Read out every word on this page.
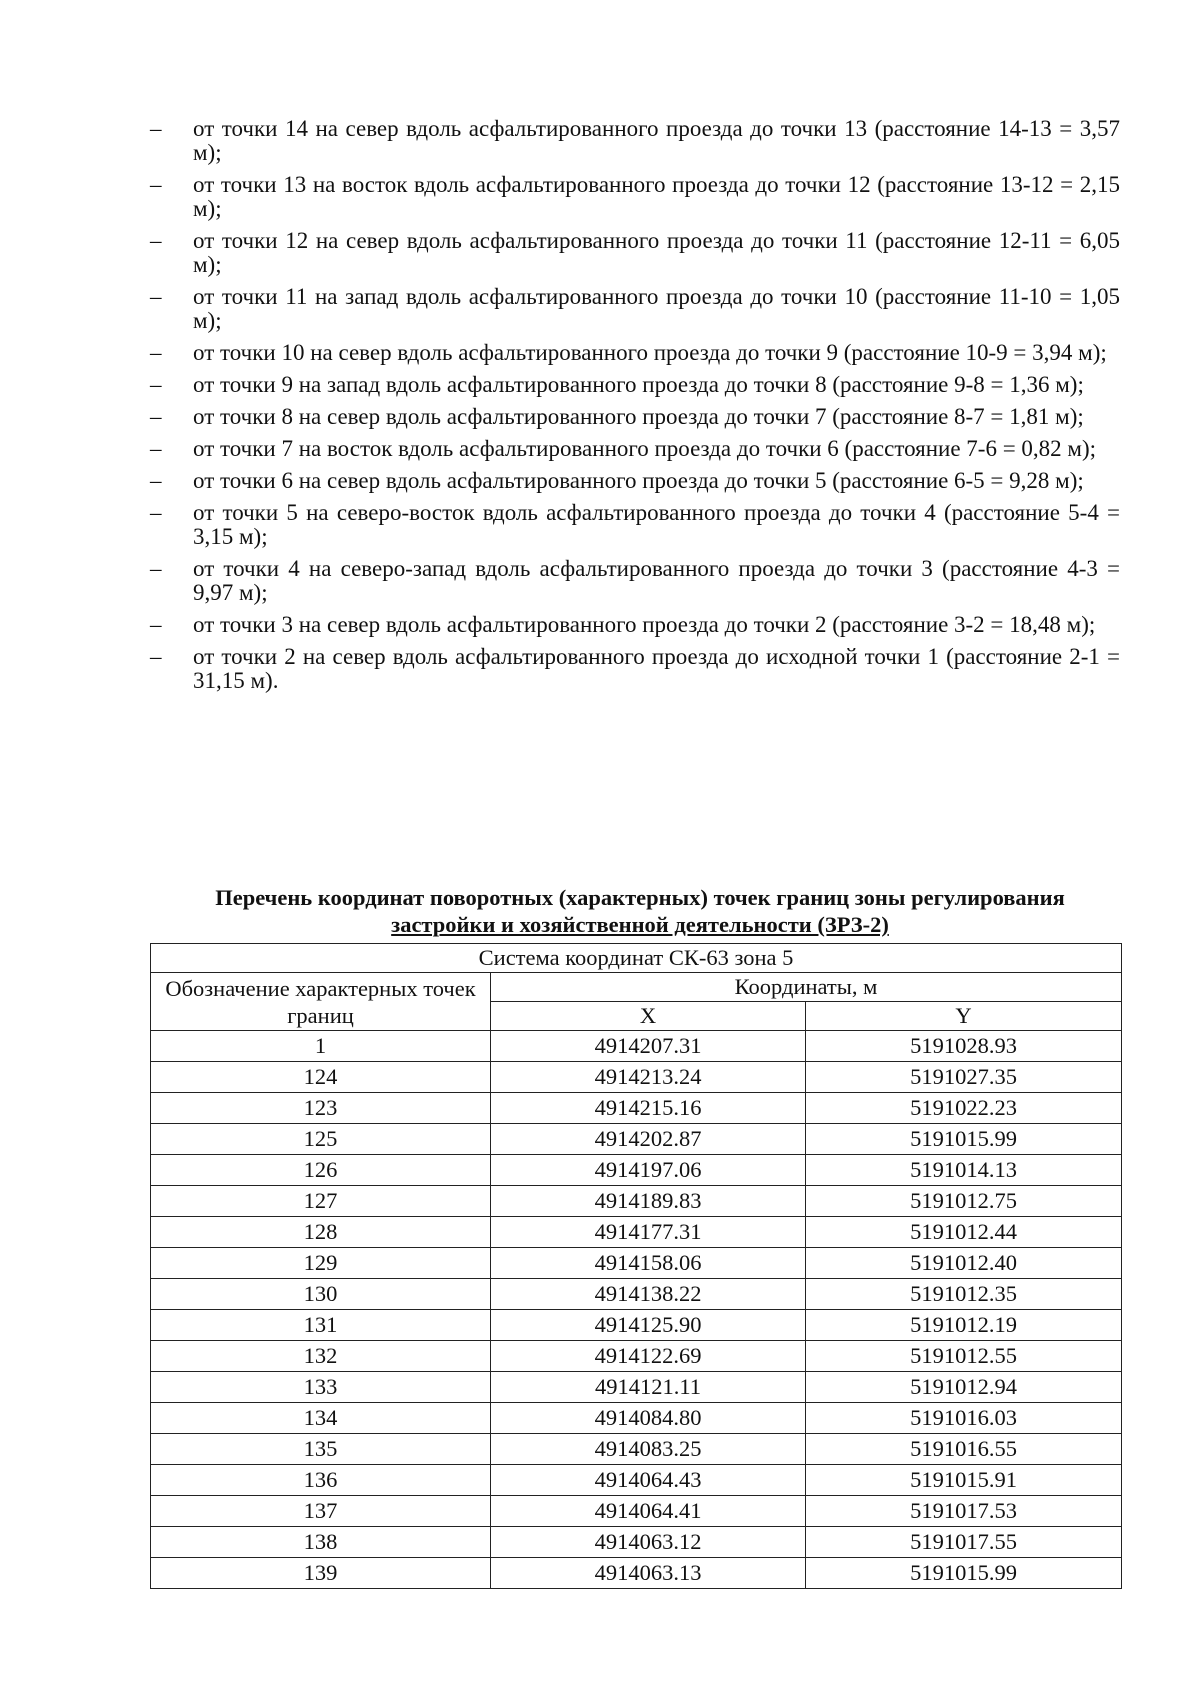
– от точки 14 на север вдоль асфальтированного проезда до точки 13 (расстояние 14-13 = 3,57 м);
– от точки 13 на восток вдоль асфальтированного проезда до точки 12 (расстояние 13-12 = 2,15 м);
– от точки 12 на север вдоль асфальтированного проезда до точки 11 (расстояние 12-11 = 6,05 м);
– от точки 11 на запад вдоль асфальтированного проезда до точки 10 (расстояние 11-10 = 1,05 м);
– от точки 10 на север вдоль асфальтированного проезда до точки 9 (расстояние 10-9 = 3,94 м);
– от точки 9 на запад вдоль асфальтированного проезда до точки 8 (расстояние 9-8 = 1,36 м);
– от точки 8 на север вдоль асфальтированного проезда до точки 7 (расстояние 8-7 = 1,81 м);
– от точки 7 на восток вдоль асфальтированного проезда до точки 6 (расстояние 7-6 = 0,82 м);
– от точки 6 на север вдоль асфальтированного проезда до точки 5 (расстояние 6-5 = 9,28 м);
– от точки 5 на северо-восток вдоль асфальтированного проезда до точки 4 (расстояние 5-4 = 3,15 м);
– от точки 4 на северо-запад вдоль асфальтированного проезда до точки 3 (расстояние 4-3 = 9,97 м);
– от точки 3 на север вдоль асфальтированного проезда до точки 2 (расстояние 3-2 = 18,48 м);
– от точки 2 на север вдоль асфальтированного проезда до исходной точки 1 (расстояние 2-1 = 31,15 м).
Перечень координат поворотных (характерных) точек границ зоны регулирования
застройки и хозяйственной деятельности (ЗРЗ-2)
Система координат СК-63 зона 5		
Обозначение характерных точек границ	Координаты, м	
	X	Y
1	4914207.31	5191028.93
124	4914213.24	5191027.35
123	4914215.16	5191022.23
125	4914202.87	5191015.99
126	4914197.06	5191014.13
127	4914189.83	5191012.75
128	4914177.31	5191012.44
129	4914158.06	5191012.40
130	4914138.22	5191012.35
131	4914125.90	5191012.19
132	4914122.69	5191012.55
133	4914121.11	5191012.94
134	4914084.80	5191016.03
135	4914083.25	5191016.55
136	4914064.43	5191015.91
137	4914064.41	5191017.53
138	4914063.12	5191017.55
139	4914063.13	5191015.99
